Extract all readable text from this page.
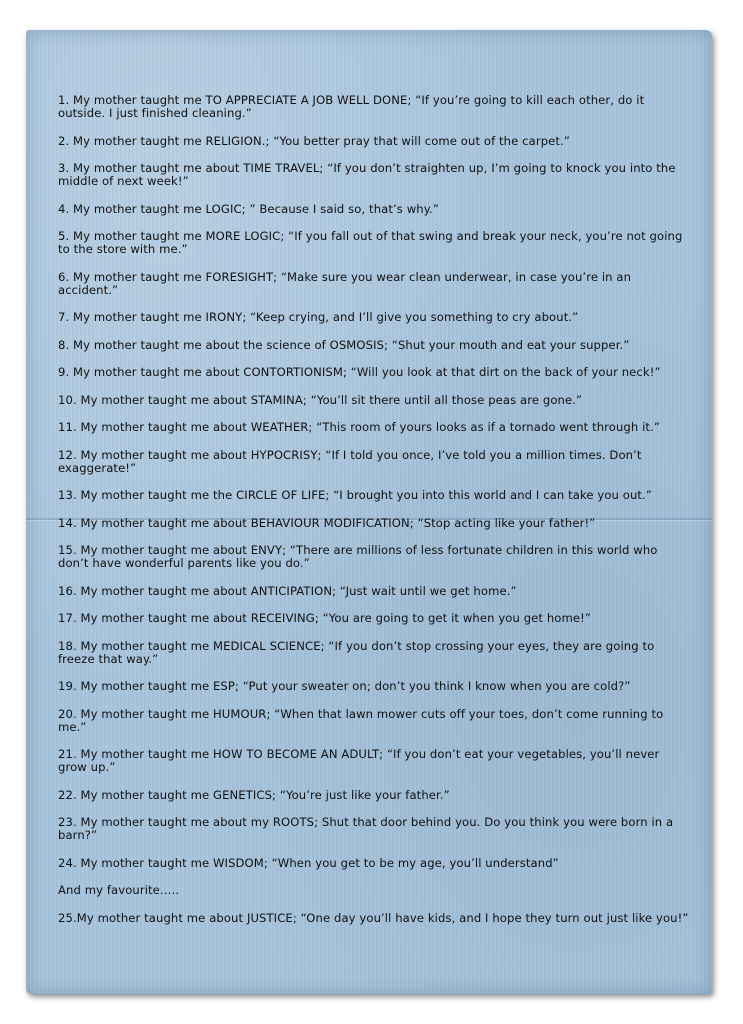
1. My mother taught me TO APPRECIATE A JOB WELL DONE; “If you’re going to kill each other, do it outside. I just finished cleaning.”

2. My mother taught me RELIGION.; “You better pray that will come out of the carpet.”

3. My mother taught me about TIME TRAVEL; “If you don’t straighten up, I’m going to knock you into the middle of next week!”

4. My mother taught me LOGIC; ” Because I said so, that’s why.”

5. My mother taught me MORE LOGIC; “If you fall out of that swing and break your neck, you’re not going to the store with me.”

6. My mother taught me FORESIGHT; “Make sure you wear clean underwear, in case you’re in an accident.”

7. My mother taught me IRONY; “Keep crying, and I’ll give you something to cry about.”

8. My mother taught me about the science of OSMOSIS; “Shut your mouth and eat your supper.”

9. My mother taught me about CONTORTIONISM; “Will you look at that dirt on the back of your neck!”

10. My mother taught me about STAMINA; “You’ll sit there until all those peas are gone.”

11. My mother taught me about WEATHER; “This room of yours looks as if a tornado went through it.”

12. My mother taught me about HYPOCRISY; “If I told you once, I’ve told you a million times. Don’t exaggerate!”

13. My mother taught me the CIRCLE OF LIFE; “I brought you into this world and I can take you out.”

14. My mother taught me about BEHAVIOUR MODIFICATION; “Stop acting like your father!”

15. My mother taught me about ENVY; “There are millions of less fortunate children in this world who don’t have wonderful parents like you do.”

16. My mother taught me about ANTICIPATION; “Just wait until we get home.”

17. My mother taught me about RECEIVING; “You are going to get it when you get home!”

18. My mother taught me MEDICAL SCIENCE; “If you don’t stop crossing your eyes, they are going to freeze that way.”

19. My mother taught me ESP; “Put your sweater on; don’t you think I know when you are cold?”

20. My mother taught me HUMOUR; “When that lawn mower cuts off your toes, don’t come running to me.”

21. My mother taught me HOW TO BECOME AN ADULT; “If you don’t eat your vegetables, you’ll never grow up.”

22. My mother taught me GENETICS; “You’re just like your father.”

23. My mother taught me about my ROOTS; Shut that door behind you. Do you think you were born in a barn?”

24. My mother taught me WISDOM; “When you get to be my age, you’ll understand”

And my favourite…..

25.My mother taught me about JUSTICE; “One day you’ll have kids, and I hope they turn out just like you!”
